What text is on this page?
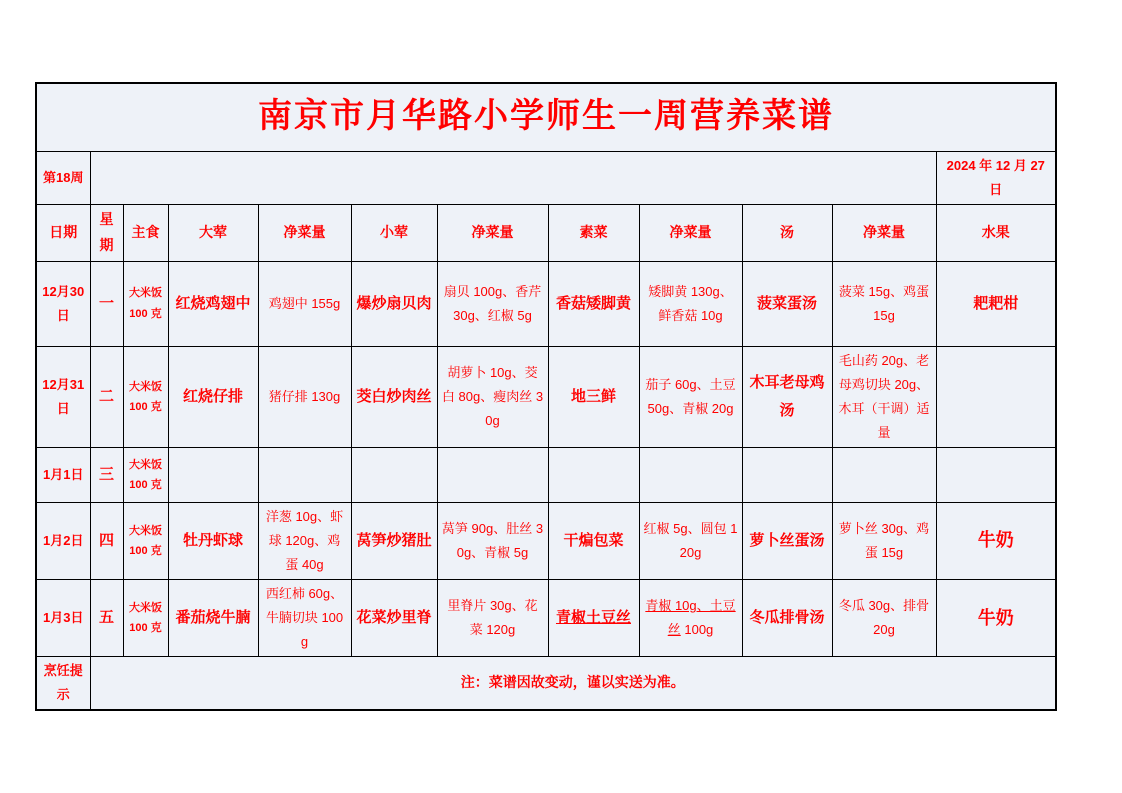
南京市月华路小学师生一周营养菜谱											
第18周											2024 年 12 月 27 日
日期	星期	主食	大荤	净菜量	小荤	净菜量	素菜	净菜量	汤	净菜量	水果
12月30日	一	大米饭 100 克	红烧鸡翅中	鸡翅中 155g	爆炒扇贝肉	扇贝 100g、香芹 30g、红椒 5g	香菇矮脚黄	矮脚黄 130g、鲜香菇 10g	菠菜蛋汤	菠菜 15g、鸡蛋 15g	耙耙柑
12月31日	二	大米饭 100 克	红烧仔排	猪仔排 130g	茭白炒肉丝	胡萝卜 10g、茭白 80g、瘦肉丝 30g	地三鲜	茄子 60g、土豆 50g、青椒 20g	木耳老母鸡汤	毛山药 20g、老母鸡切块 20g、木耳（干调）适量	
1月1日	三	大米饭 100 克									
1月2日	四	大米饭 100 克	牡丹虾球	洋葱 10g、虾球 120g、鸡蛋 40g	莴笋炒猪肚	莴笋 90g、肚丝 30g、青椒 5g	干煸包菜	红椒 5g、圆包 120g	萝卜丝蛋汤	萝卜丝 30g、鸡蛋 15g	牛奶
1月3日	五	大米饭 100 克	番茄烧牛腩	西红柿 60g、牛腩切块 100g	花菜炒里脊	里脊片 30g、花菜 120g	青椒土豆丝	青椒 10g、土豆丝 100g	冬瓜排骨汤	冬瓜 30g、排骨 20g	牛奶
烹饪提示	注：菜谱因故变动，谨以实送为准。										
